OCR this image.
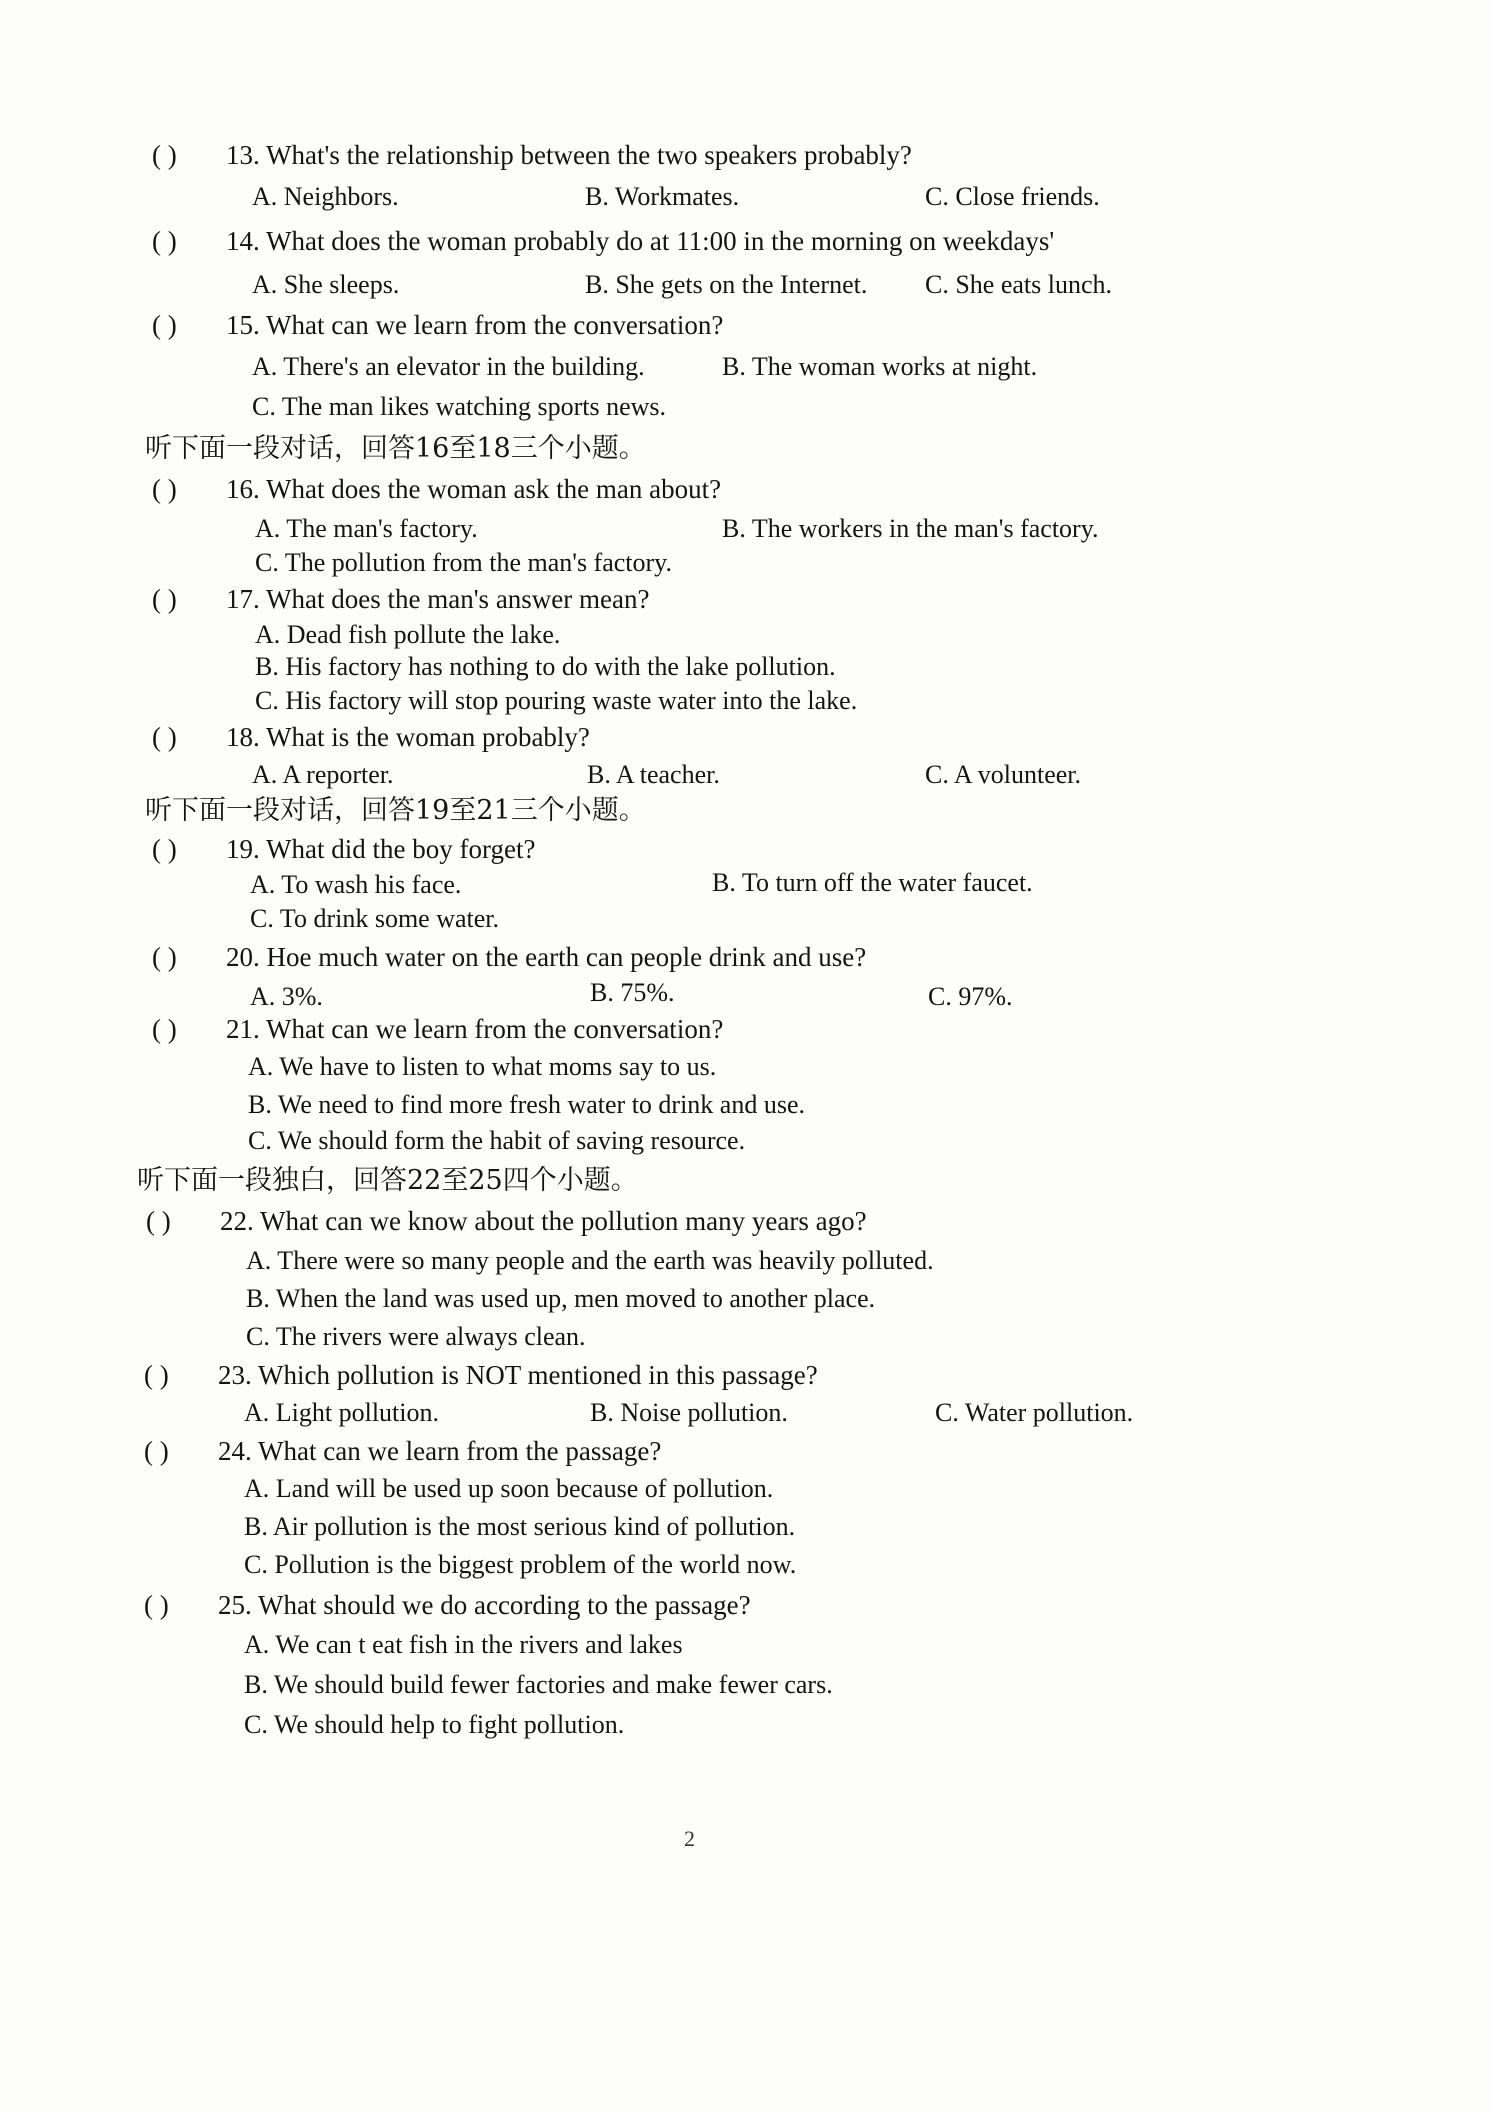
( ) 13. What's the relationship between the two speakers probably?
A. Neighbors.	B. Workmates.	C. Close friends.
( ) 14. What does the woman probably do at 11:00 in the morning on weekdays'
A. She sleeps.	B. She gets on the Internet. C. She eats lunch.
( ) 15. What can we learn from the conversation?
A. There's an elevator in the building.	B. The woman works at night.
C. The man likes watching sports news.
听下面一段对话，回答16至18三个小题。
( ) 16. What does the woman ask the man about?
A. The man's factory.	B. The workers in the man's factory.
C. The pollution from the man's factory.
( ) 17. What does the man's answer mean?
A. Dead fish pollute the lake.
B. His factory has nothing to do with the lake pollution.
C. His factory will stop pouring waste water into the lake.
( ) 18. What is the woman probably?
A. A reporter.	B. A teacher.	C. A volunteer.
听下面一段对话，回答19至21三个小题。
( ) 19. What did the boy forget?
A. To wash his face.	B. To turn off the water faucet.
C. To drink some water.
( ) 20. Hoe much water on the earth can people drink and use?
A. 3%.	B. 75%.	C. 97%.
( ) 21. What can we learn from the conversation?
A. We have to listen to what moms say to us.
B. We need to find more fresh water to drink and use.
C. We should form the habit of saving resource.
听下面一段独白，回答22至25四个小题。
( ) 22. What can we know about the pollution many years ago?
A. There were so many people and the earth was heavily polluted.
B. When the land was used up, men moved to another place.
C. The rivers were always clean.
( ) 23. Which pollution is NOT mentioned in this passage?
A. Light pollution.	B. Noise pollution.	C. Water pollution.
( ) 24. What can we learn from the passage?
A. Land will be used up soon because of pollution.
B. Air pollution is the most serious kind of pollution.
C. Pollution is the biggest problem of the world now.
( ) 25. What should we do according to the passage?
A. We can t eat fish in the rivers and lakes
B. We should build fewer factories and make fewer cars.
C. We should help to fight pollution.
2
